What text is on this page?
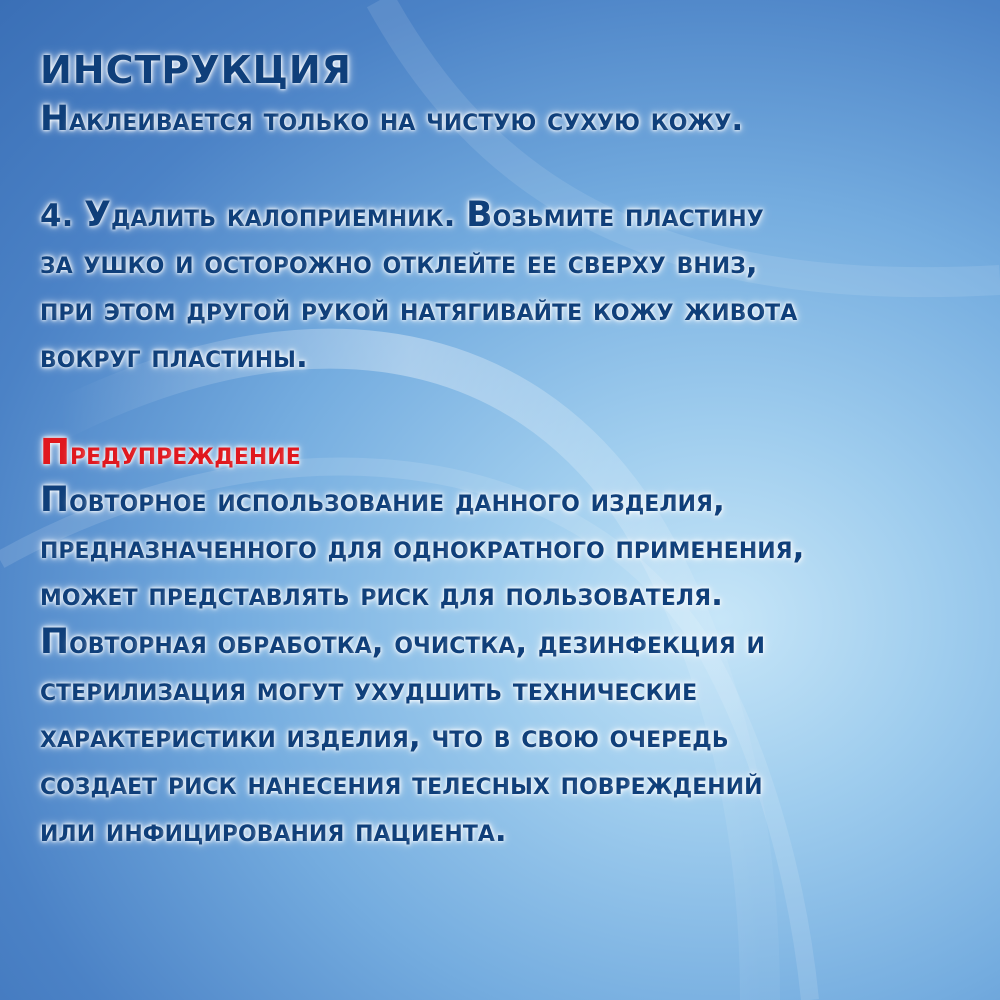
ИНСТРУКЦИЯ

Наклеивается только на чистую сухую кожу.

4. Удалить калоприемник. Возьмите пластину

за ушко и осторожно отклейте ее сверху вниз,

при этом другой рукой натягивайте кожу живота

вокруг пластины.

Предупреждение

Повторное использование данного изделия,

предназначенного для однократного применения,

может представлять риск для пользователя.

Повторная обработка, очистка, дезинфекция и

стерилизация могут ухудшить технические

характеристики изделия, что в свою очередь

создает риск нанесения телесных повреждений

или инфицирования пациента.
